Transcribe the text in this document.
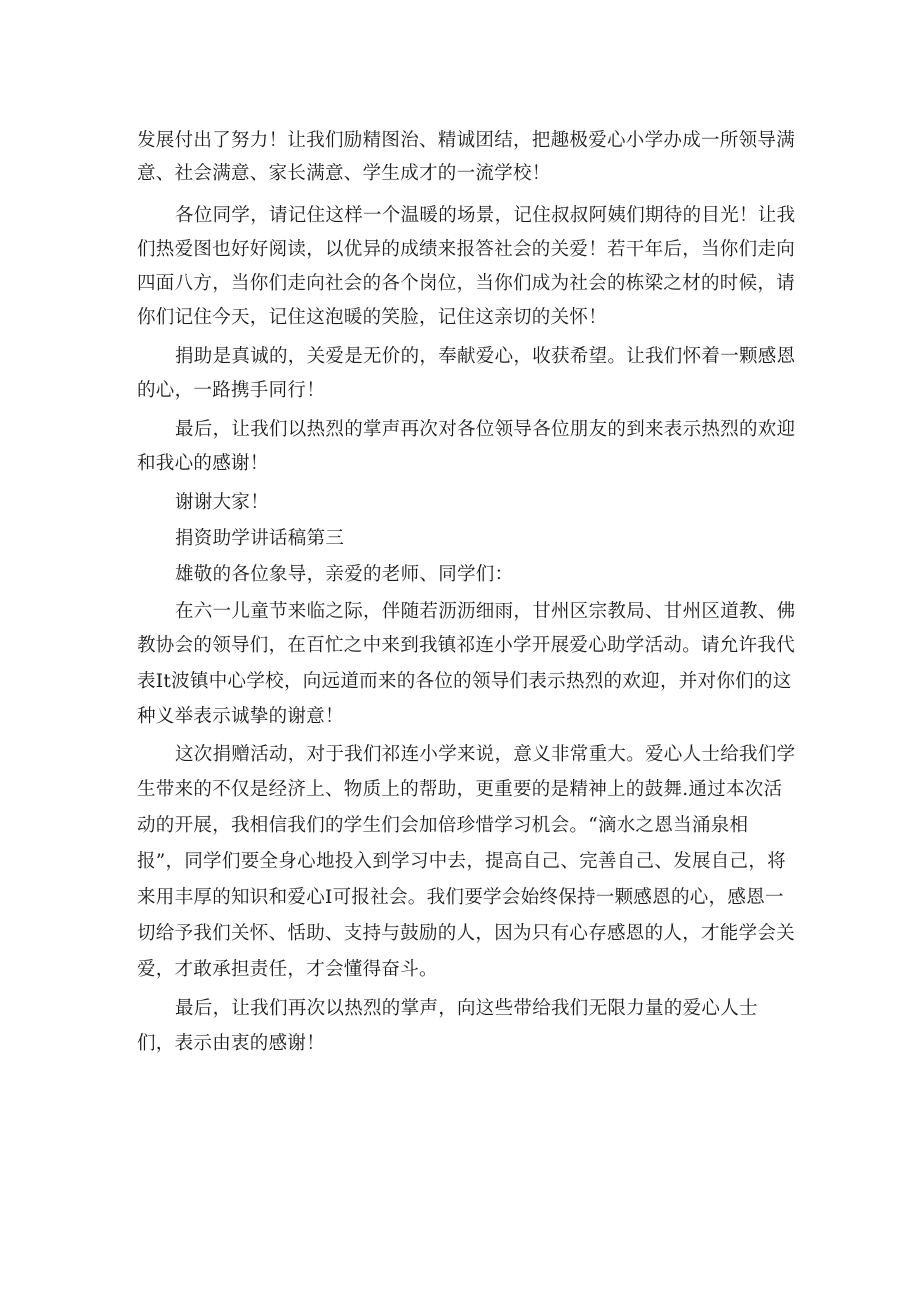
发展付出了努力！让我们励精图治、精诚团结，把趣极爱心小学办成一所领导满
意、社会满意、家长满意、学生成才的一流学校！
各位同学，请记住这样一个温暖的场景，记住叔叔阿姨们期待的目光！让我
们热爱图也好好阅读，以优异的成绩来报答社会的关爱！若干年后，当你们走向
四面八方，当你们走向社会的各个岗位，当你们成为社会的栋梁之材的时候，请
你们记住今天，记住这泡暖的笑脸，记住这亲切的关怀！
捐助是真诚的，关爱是无价的，奉献爱心，收获希望。让我们怀着一颗感恩
的心，一路携手同行！
最后，让我们以热烈的掌声再次对各位领导各位朋友的到来表示热烈的欢迎
和我心的感谢！
谢谢大家！
捐资助学讲话稿第三
雄敬的各位象导，亲爱的老师、同学们：
在六一儿童节来临之际，伴随若沥沥细雨，甘州区宗教局、甘州区道教、佛
教协会的领导们，在百忙之中来到我镇祁连小学开展爱心助学活动。请允许我代
表It波镇中心学校，向远道而来的各位的领导们表示热烈的欢迎，并对你们的这
种义举表示诚挚的谢意！
这次捐赠活动，对于我们祁连小学来说，意义非常重大。爱心人士给我们学
生带来的不仅是经济上、物质上的帮助，更重要的是精神上的鼓舞.通过本次活
动的开展，我相信我们的学生们会加倍珍惜学习机会。“滴水之恩当涌泉相
报”，同学们要全身心地投入到学习中去，提高自己、完善自己、发展自己，将
来用丰厚的知识和爱心I可报社会。我们要学会始终保持一颗感恩的心，感恩一
切给予我们关怀、恬助、支持与鼓励的人，因为只有心存感恩的人，才能学会关
爱，才敢承担责任，才会懂得奋斗。
最后，让我们再次以热烈的掌声，向这些带给我们无限力量的爱心人士
们，表示由衷的感谢！
